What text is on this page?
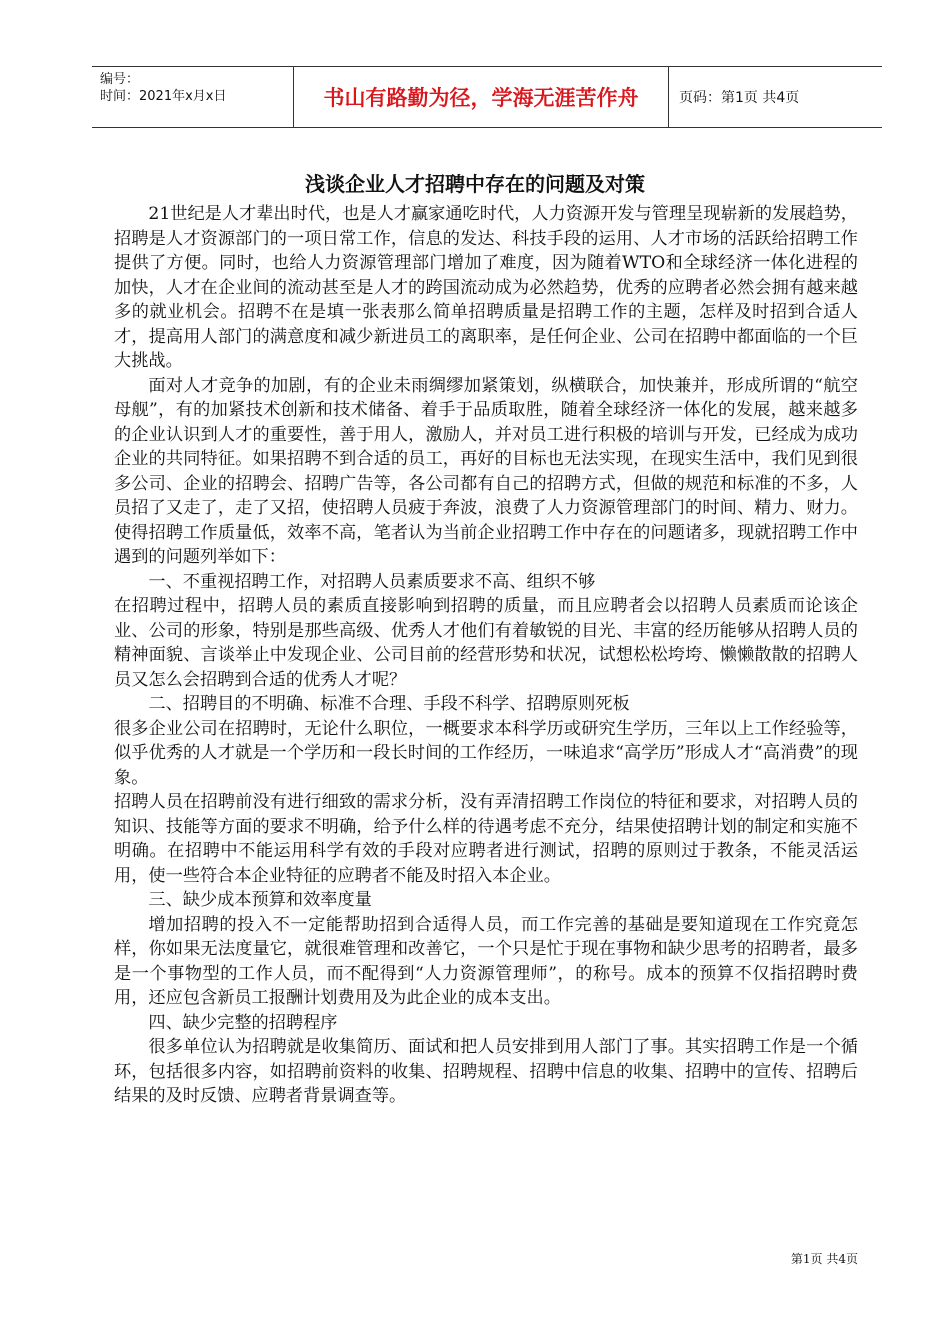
编号：
时间：2021年x月x日	书山有路勤为径，学海无涯苦作舟	页码：第1页 共4页
浅谈企业人才招聘中存在的问题及对策

21世纪是人才辈出时代，也是人才赢家通吃时代，人力资源开发与管理呈现崭新的发展趋势，招聘是人才资源部门的一项日常工作，信息的发达、科技手段的运用、人才市场的活跃给招聘工作提供了方便。同时，也给人力资源管理部门增加了难度，因为随着WTO和全球经济一体化进程的加快，人才在企业间的流动甚至是人才的跨国流动成为必然趋势，优秀的应聘者必然会拥有越来越多的就业机会。招聘不在是填一张表那么简单招聘质量是招聘工作的主题，怎样及时招到合适人才，提高用人部门的满意度和减少新进员工的离职率，是任何企业、公司在招聘中都面临的一个巨大挑战。

面对人才竞争的加剧，有的企业未雨绸缪加紧策划，纵横联合，加快兼并，形成所谓的“航空母舰”，有的加紧技术创新和技术储备、着手于品质取胜，随着全球经济一体化的发展，越来越多的企业认识到人才的重要性，善于用人，激励人，并对员工进行积极的培训与开发，已经成为成功企业的共同特征。如果招聘不到合适的员工，再好的目标也无法实现，在现实生活中，我们见到很多公司、企业的招聘会、招聘广告等，各公司都有自己的招聘方式，但做的规范和标准的不多，人员招了又走了，走了又招，使招聘人员疲于奔波，浪费了人力资源管理部门的时间、精力、财力。使得招聘工作质量低，效率不高，笔者认为当前企业招聘工作中存在的问题诸多，现就招聘工作中遇到的问题列举如下：

一、不重视招聘工作，对招聘人员素质要求不高、组织不够

在招聘过程中，招聘人员的素质直接影响到招聘的质量，而且应聘者会以招聘人员素质而论该企业、公司的形象，特别是那些高级、优秀人才他们有着敏锐的目光、丰富的经历能够从招聘人员的精神面貌、言谈举止中发现企业、公司目前的经营形势和状况，试想松松垮垮、懒懒散散的招聘人员又怎么会招聘到合适的优秀人才呢？

二、招聘目的不明确、标准不合理、手段不科学、招聘原则死板

很多企业公司在招聘时，无论什么职位，一概要求本科学历或研究生学历，三年以上工作经验等，似乎优秀的人才就是一个学历和一段长时间的工作经历，一味追求“高学历”形成人才“高消费”的现象。

招聘人员在招聘前没有进行细致的需求分析，没有弄清招聘工作岗位的特征和要求，对招聘人员的知识、技能等方面的要求不明确，给予什么样的待遇考虑不充分，结果使招聘计划的制定和实施不明确。在招聘中不能运用科学有效的手段对应聘者进行测试，招聘的原则过于教条，不能灵活运用，使一些符合本企业特征的应聘者不能及时招入本企业。

三、缺少成本预算和效率度量

增加招聘的投入不一定能帮助招到合适得人员，而工作完善的基础是要知道现在工作究竟怎样，你如果无法度量它，就很难管理和改善它，一个只是忙于现在事物和缺少思考的招聘者，最多是一个事物型的工作人员，而不配得到“人力资源管理师”，的称号。成本的预算不仅指招聘时费用，还应包含新员工报酬计划费用及为此企业的成本支出。

四、缺少完整的招聘程序

很多单位认为招聘就是收集简历、面试和把人员安排到用人部门了事。其实招聘工作是一个循环，包括很多内容，如招聘前资料的收集、招聘规程、招聘中信息的收集、招聘中的宣传、招聘后结果的及时反馈、应聘者背景调查等。

第1页 共4页
